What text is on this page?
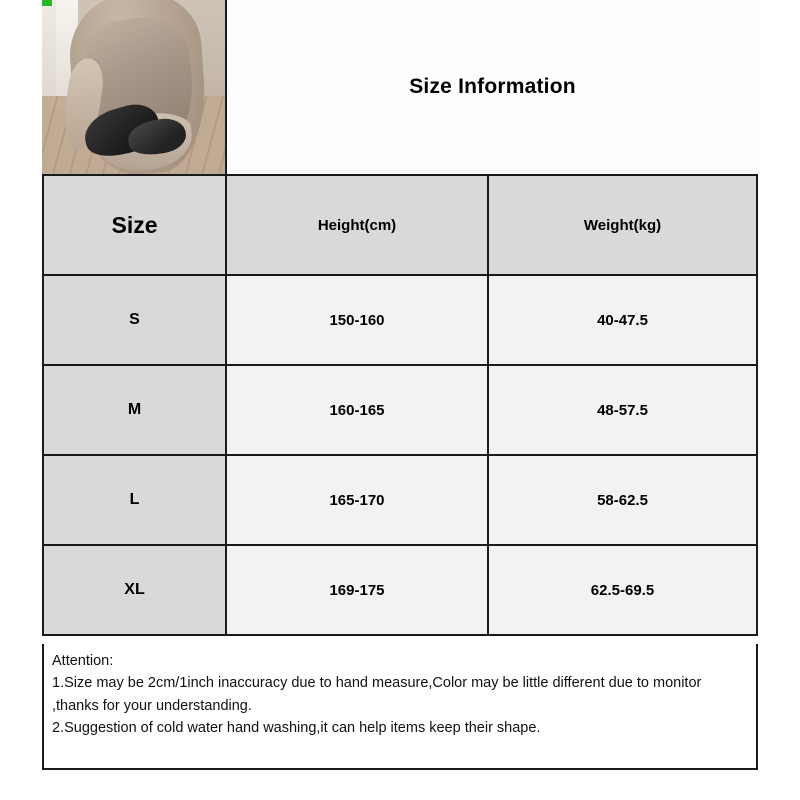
Size Information
Size	Height(cm)	Weight(kg)
S	150-160	40-47.5
M	160-165	48-57.5
L	165-170	58-62.5
XL	169-175	62.5-69.5

Attention:

1.Size may be 2cm/1inch inaccuracy due to hand measure,Color may be little different due to monitor ,thanks for your understanding.

2.Suggestion of cold water hand washing,it can help items keep their shape.
